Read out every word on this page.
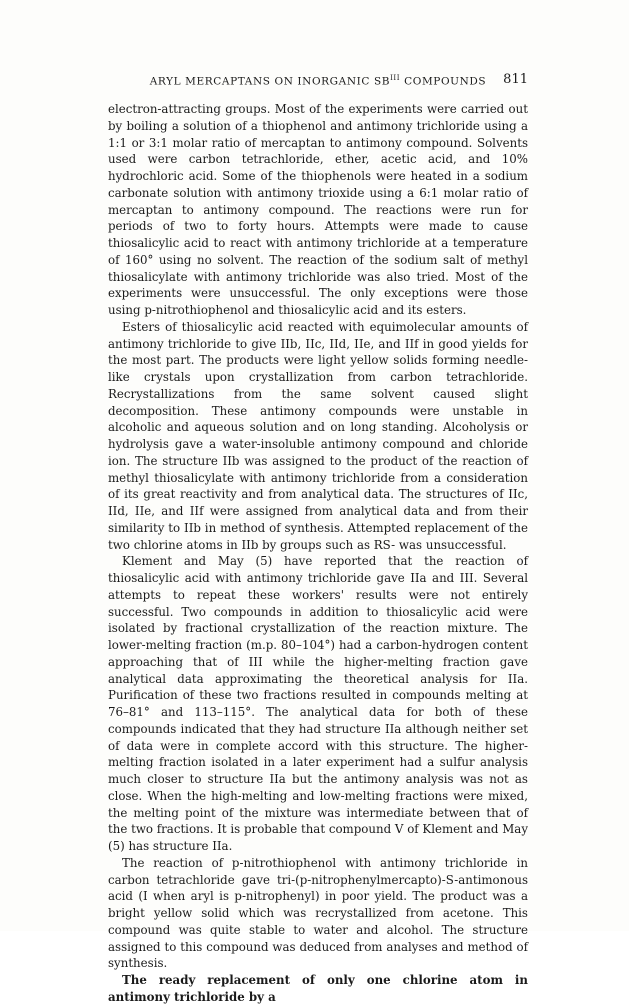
ARYL MERCAPTANS ON INORGANIC $SB^{III}$ COMPOUNDS	811

electron-attracting groups. Most of the experiments were carried out by boiling a solution of a thiophenol and antimony trichloride using a 1:1 or 3:1 molar ratio of mercaptan to antimony compound. Solvents used were carbon tetrachloride, ether, acetic acid, and 10% hydrochloric acid. Some of the thiophenols were heated in a sodium carbonate solution with antimony trioxide using a 6:1 molar ratio of mercaptan to antimony compound. The reactions were run for periods of two to forty hours. Attempts were made to cause thiosalicylic acid to react with antimony trichloride at a temperature of 160° using no solvent. The reaction of the sodium salt of methyl thiosalicylate with antimony trichloride was also tried. Most of the experiments were unsuccessful. The only exceptions were those using p-nitrothiophenol and thiosalicylic acid and its esters.

Esters of thiosalicylic acid reacted with equimolecular amounts of antimony trichloride to give IIb, IIc, IId, IIe, and IIf in good yields for the most part. The products were light yellow solids forming needle-like crystals upon crystallization from carbon tetrachloride. Recrystallizations from the same solvent caused slight decomposition. These antimony compounds were unstable in alcoholic and aqueous solution and on long standing. Alcoholysis or hydrolysis gave a water-insoluble antimony compound and chloride ion. The structure IIb was assigned to the product of the reaction of methyl thiosalicylate with antimony trichloride from a consideration of its great reactivity and from analytical data. The structures of IIc, IId, IIe, and IIf were assigned from analytical data and from their similarity to IIb in method of synthesis. Attempted replacement of the two chlorine atoms in IIb by groups such as RS- was unsuccessful.

Klement and May (5) have reported that the reaction of thiosalicylic acid with antimony trichloride gave IIa and III. Several attempts to repeat these workers' results were not entirely successful. Two compounds in addition to thiosalicylic acid were isolated by fractional crystallization of the reaction mixture. The lower-melting fraction (m.p. 80–104°) had a carbon-hydrogen content approaching that of III while the higher-melting fraction gave analytical data approximating the theoretical analysis for IIa. Purification of these two fractions resulted in compounds melting at 76–81° and 113–115°. The analytical data for both of these compounds indicated that they had structure IIa although neither set of data were in complete accord with this structure. The higher-melting fraction isolated in a later experiment had a sulfur analysis much closer to structure IIa but the antimony analysis was not as close. When the high-melting and low-melting fractions were mixed, the melting point of the mixture was intermediate between that of the two fractions. It is probable that compound V of Klement and May (5) has structure IIa.

The reaction of p-nitrothiophenol with antimony trichloride in carbon tetrachloride gave tri-(p-nitrophenylmercapto)-S-antimonous acid (I when aryl is p-nitrophenyl) in poor yield. The product was a bright yellow solid which was recrystallized from acetone. This compound was quite stable to water and alcohol. The structure assigned to this compound was deduced from analyses and method of synthesis.

The ready replacement of only one chlorine atom in antimony trichloride by a
